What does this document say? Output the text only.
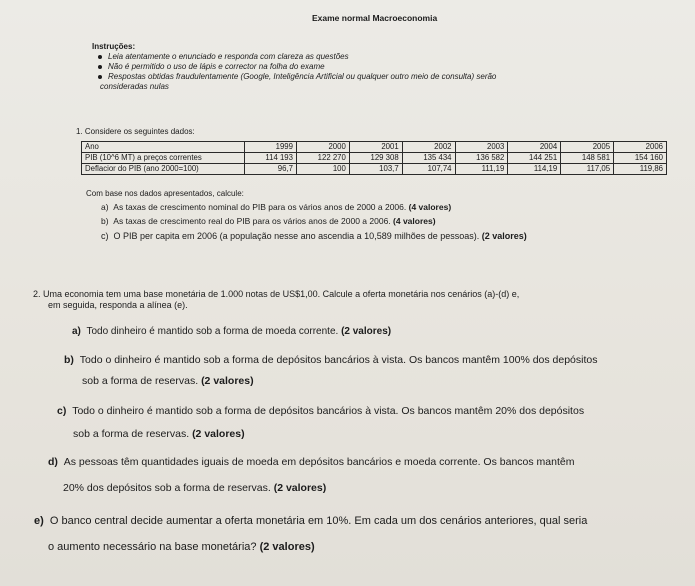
Exame normal Macroeconomia
Instruções:
Leia atentamente o enunciado e responda com clareza as questões
Não é permitido o uso de lápis e corrector na folha do exame
Respostas obtidas fraudulentamente (Google, Inteligência Artificial ou qualquer outro meio de consulta) serão
consideradas nulas
1. Considere os seguintes dados:
Ano	1999	2000	2001	2002	2003	2004	2005	2006
PIB (10^6 MT) a preços correntes	114 193	122 270	129 308	135 434	136 582	144 251	148 581	154 160
Deflacior do PIB (ano 2000=100)	96,7	100	103,7	107,74	111,19	114,19	117,05	119,86
Com base nos dados apresentados, calcule:
a) As taxas de crescimento nominal do PIB para os vários anos de 2000 a 2006. (4 valores)
b) As taxas de crescimento real do PIB para os vários anos de 2000 a 2006. (4 valores)
c) O PIB per capita em 2006 (a população nesse ano ascendia a 10,589 milhões de pessoas). (2 valores)
2. Uma economia tem uma base monetária de 1.000 notas de US$1,00. Calcule a oferta monetária nos cenários (a)-(d) e,
em seguida, responda a alínea (e).
a) Todo dinheiro é mantido sob a forma de moeda corrente. (2 valores)
b) Todo o dinheiro é mantido sob a forma de depósitos bancários à vista. Os bancos mantêm 100% dos depósitos
sob a forma de reservas. (2 valores)
c) Todo o dinheiro é mantido sob a forma de depósitos bancários à vista. Os bancos mantêm 20% dos depósitos
sob a forma de reservas. (2 valores)
d) As pessoas têm quantidades iguais de moeda em depósitos bancários e moeda corrente. Os bancos mantêm
20% dos depósitos sob a forma de reservas. (2 valores)
e) O banco central decide aumentar a oferta monetária em 10%. Em cada um dos cenários anteriores, qual seria
o aumento necessário na base monetária? (2 valores)
